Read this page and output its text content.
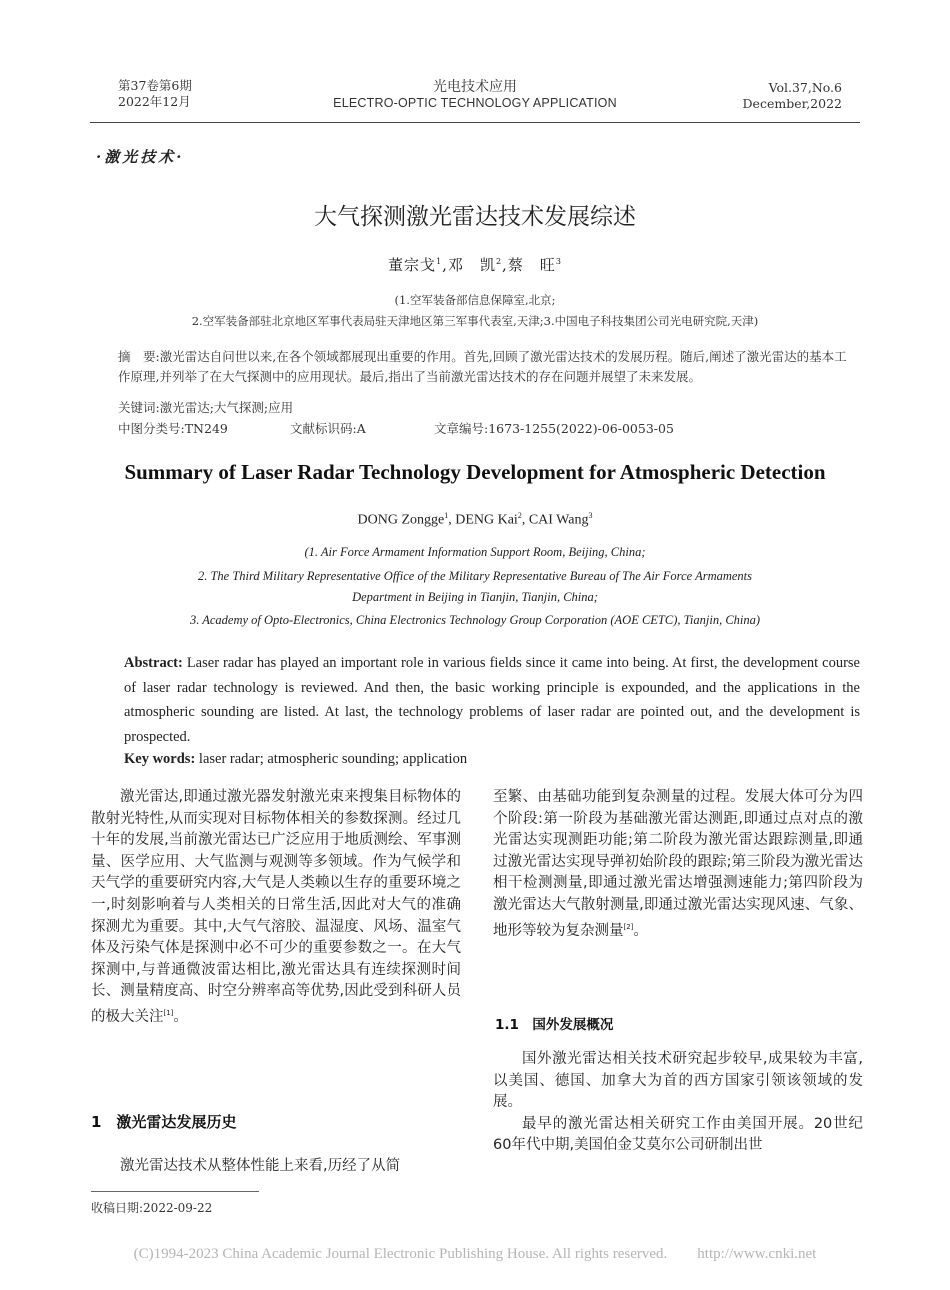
第37卷第6期
2022年12月
光电技术应用
ELECTRO-OPTIC TECHNOLOGY APPLICATION
Vol.37,No.6
December,2022
·激光技术·
大气探测激光雷达技术发展综述
董宗戈$^1$,邓　凯$^2$,蔡　旺$^3$
(1.空军装备部信息保障室,北京;
2.空军装备部驻北京地区军事代表局驻天津地区第三军事代表室,天津;3.中国电子科技集团公司光电研究院,天津)
摘　要:激光雷达自问世以来,在各个领域都展现出重要的作用。首先,回顾了激光雷达技术的发展历程。随后,阐述了激光雷达的基本工作原理,并列举了在大气探测中的应用现状。最后,指出了当前激光雷达技术的存在问题并展望了未来发展。
关键词:激光雷达;大气探测;应用
中图分类号:TN249	文献标识码:A	文章编号:1673-1255(2022)-06-0053-05
Summary of Laser Radar Technology Development for Atmospheric Detection
DONG Zongge$^1$, DENG Kai$^2$, CAI Wang$^3$
(1. Air Force Armament Information Support Room, Beijing, China;
2. The Third Military Representative Office of the Military Representative Bureau of The Air Force Armaments
Department in Beijing in Tianjin, Tianjin, China;
3. Academy of Opto-Electronics, China Electronics Technology Group Corporation (AOE CETC), Tianjin, China)
Abstract: Laser radar has played an important role in various fields since it came into being. At first, the development course of laser radar technology is reviewed. And then, the basic working principle is expounded, and the applications in the atmospheric sounding are listed. At last, the technology problems of laser radar are pointed out, and the development is prospected.
Key words: laser radar; atmospheric sounding; application

激光雷达,即通过激光器发射激光束来搜集目标物体的散射光特性,从而实现对目标物体相关的参数探测。经过几十年的发展,当前激光雷达已广泛应用于地质测绘、军事测量、医学应用、大气监测与观测等多领域。作为气候学和天气学的重要研究内容,大气是人类赖以生存的重要环境之一,时刻影响着与人类相关的日常生活,因此对大气的准确探测尤为重要。其中,大气气溶胶、温湿度、风场、温室气体及污染气体是探测中必不可少的重要参数之一。在大气探测中,与普通微波雷达相比,激光雷达具有连续探测时间长、测量精度高、时空分辨率高等优势,因此受到科研人员的极大关注[1]。

1　激光雷达发展历史

激光雷达技术从整体性能上来看,历经了从简

至繁、由基础功能到复杂测量的过程。发展大体可分为四个阶段:第一阶段为基础激光雷达测距,即通过点对点的激光雷达实现测距功能;第二阶段为激光雷达跟踪测量,即通过激光雷达实现导弹初始阶段的跟踪;第三阶段为激光雷达相干检测测量,即通过激光雷达增强测速能力;第四阶段为激光雷达大气散射测量,即通过激光雷达实现风速、气象、地形等较为复杂测量[2]。

1.1　国外发展概况

国外激光雷达相关技术研究起步较早,成果较为丰富,以美国、德国、加拿大为首的西方国家引领该领域的发展。

最早的激光雷达相关研究工作由美国开展。20世纪60年代中期,美国伯金艾莫尔公司研制出世

收稿日期:2022-09-22
(C)1994-2023 China Academic Journal Electronic Publishing House. All rights reserved.　　http://www.cnki.net
